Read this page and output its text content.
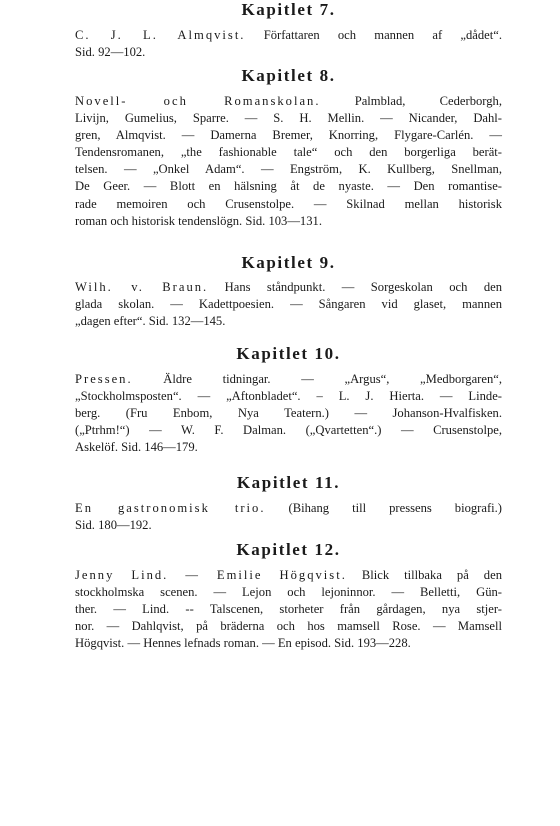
Kapitlet 7.

C. J. L. Almqvist. Författaren och mannen af „dådet“.
Sid. 92—102.

Kapitlet 8.

Novell- och Romanskolan. Palmblad, Cederborgh,
Livijn, Gumelius, Sparre. — S. H. Mellin. — Nicander, Dahl-
gren, Almqvist. — Damerna Bremer, Knorring, Flygare-Carlén. —
Tendensromanen, „the fashionable tale“ och den borgerliga berät-
telsen. — „Onkel Adam“. — Engström, K. Kullberg, Snellman,
De Geer. — Blott en hälsning åt de nyaste. — Den romantise-
rade memoiren och Crusenstolpe. — Skilnad mellan historisk
roman och historisk tendenslögn. Sid. 103—131.

Kapitlet 9.

Wilh. v. Braun. Hans ståndpunkt. — Sorgeskolan och den
glada skolan. — Kadettpoesien. — Sångaren vid glaset, mannen
„dagen efter“. Sid. 132—145.

Kapitlet 10.

Pressen. Äldre tidningar. — „Argus“, „Medborgaren“,
„Stockholmsposten“. — „Aftonbladet“. – L. J. Hierta. — Linde-
berg. (Fru Enbom, Nya Teatern.) — Johanson-Hvalfisken.
(„Ptrhm!“) — W. F. Dalman. („Qvartetten“.) — Crusenstolpe,
Askelöf. Sid. 146—179.

Kapitlet 11.

En gastronomisk trio. (Bihang till pressens biografi.)
Sid. 180—192.

Kapitlet 12.

Jenny Lind. — Emilie Högqvist. Blick tillbaka på den
stockholmska scenen. — Lejon och lejoninnor. — Belletti, Gün-
ther. — Lind. -- Talscenen, storheter från gårdagen, nya stjer-
nor. — Dahlqvist, på bräderna och hos mamsell Rose. — Mamsell
Högqvist. — Hennes lefnads roman. — En episod. Sid. 193—228.
